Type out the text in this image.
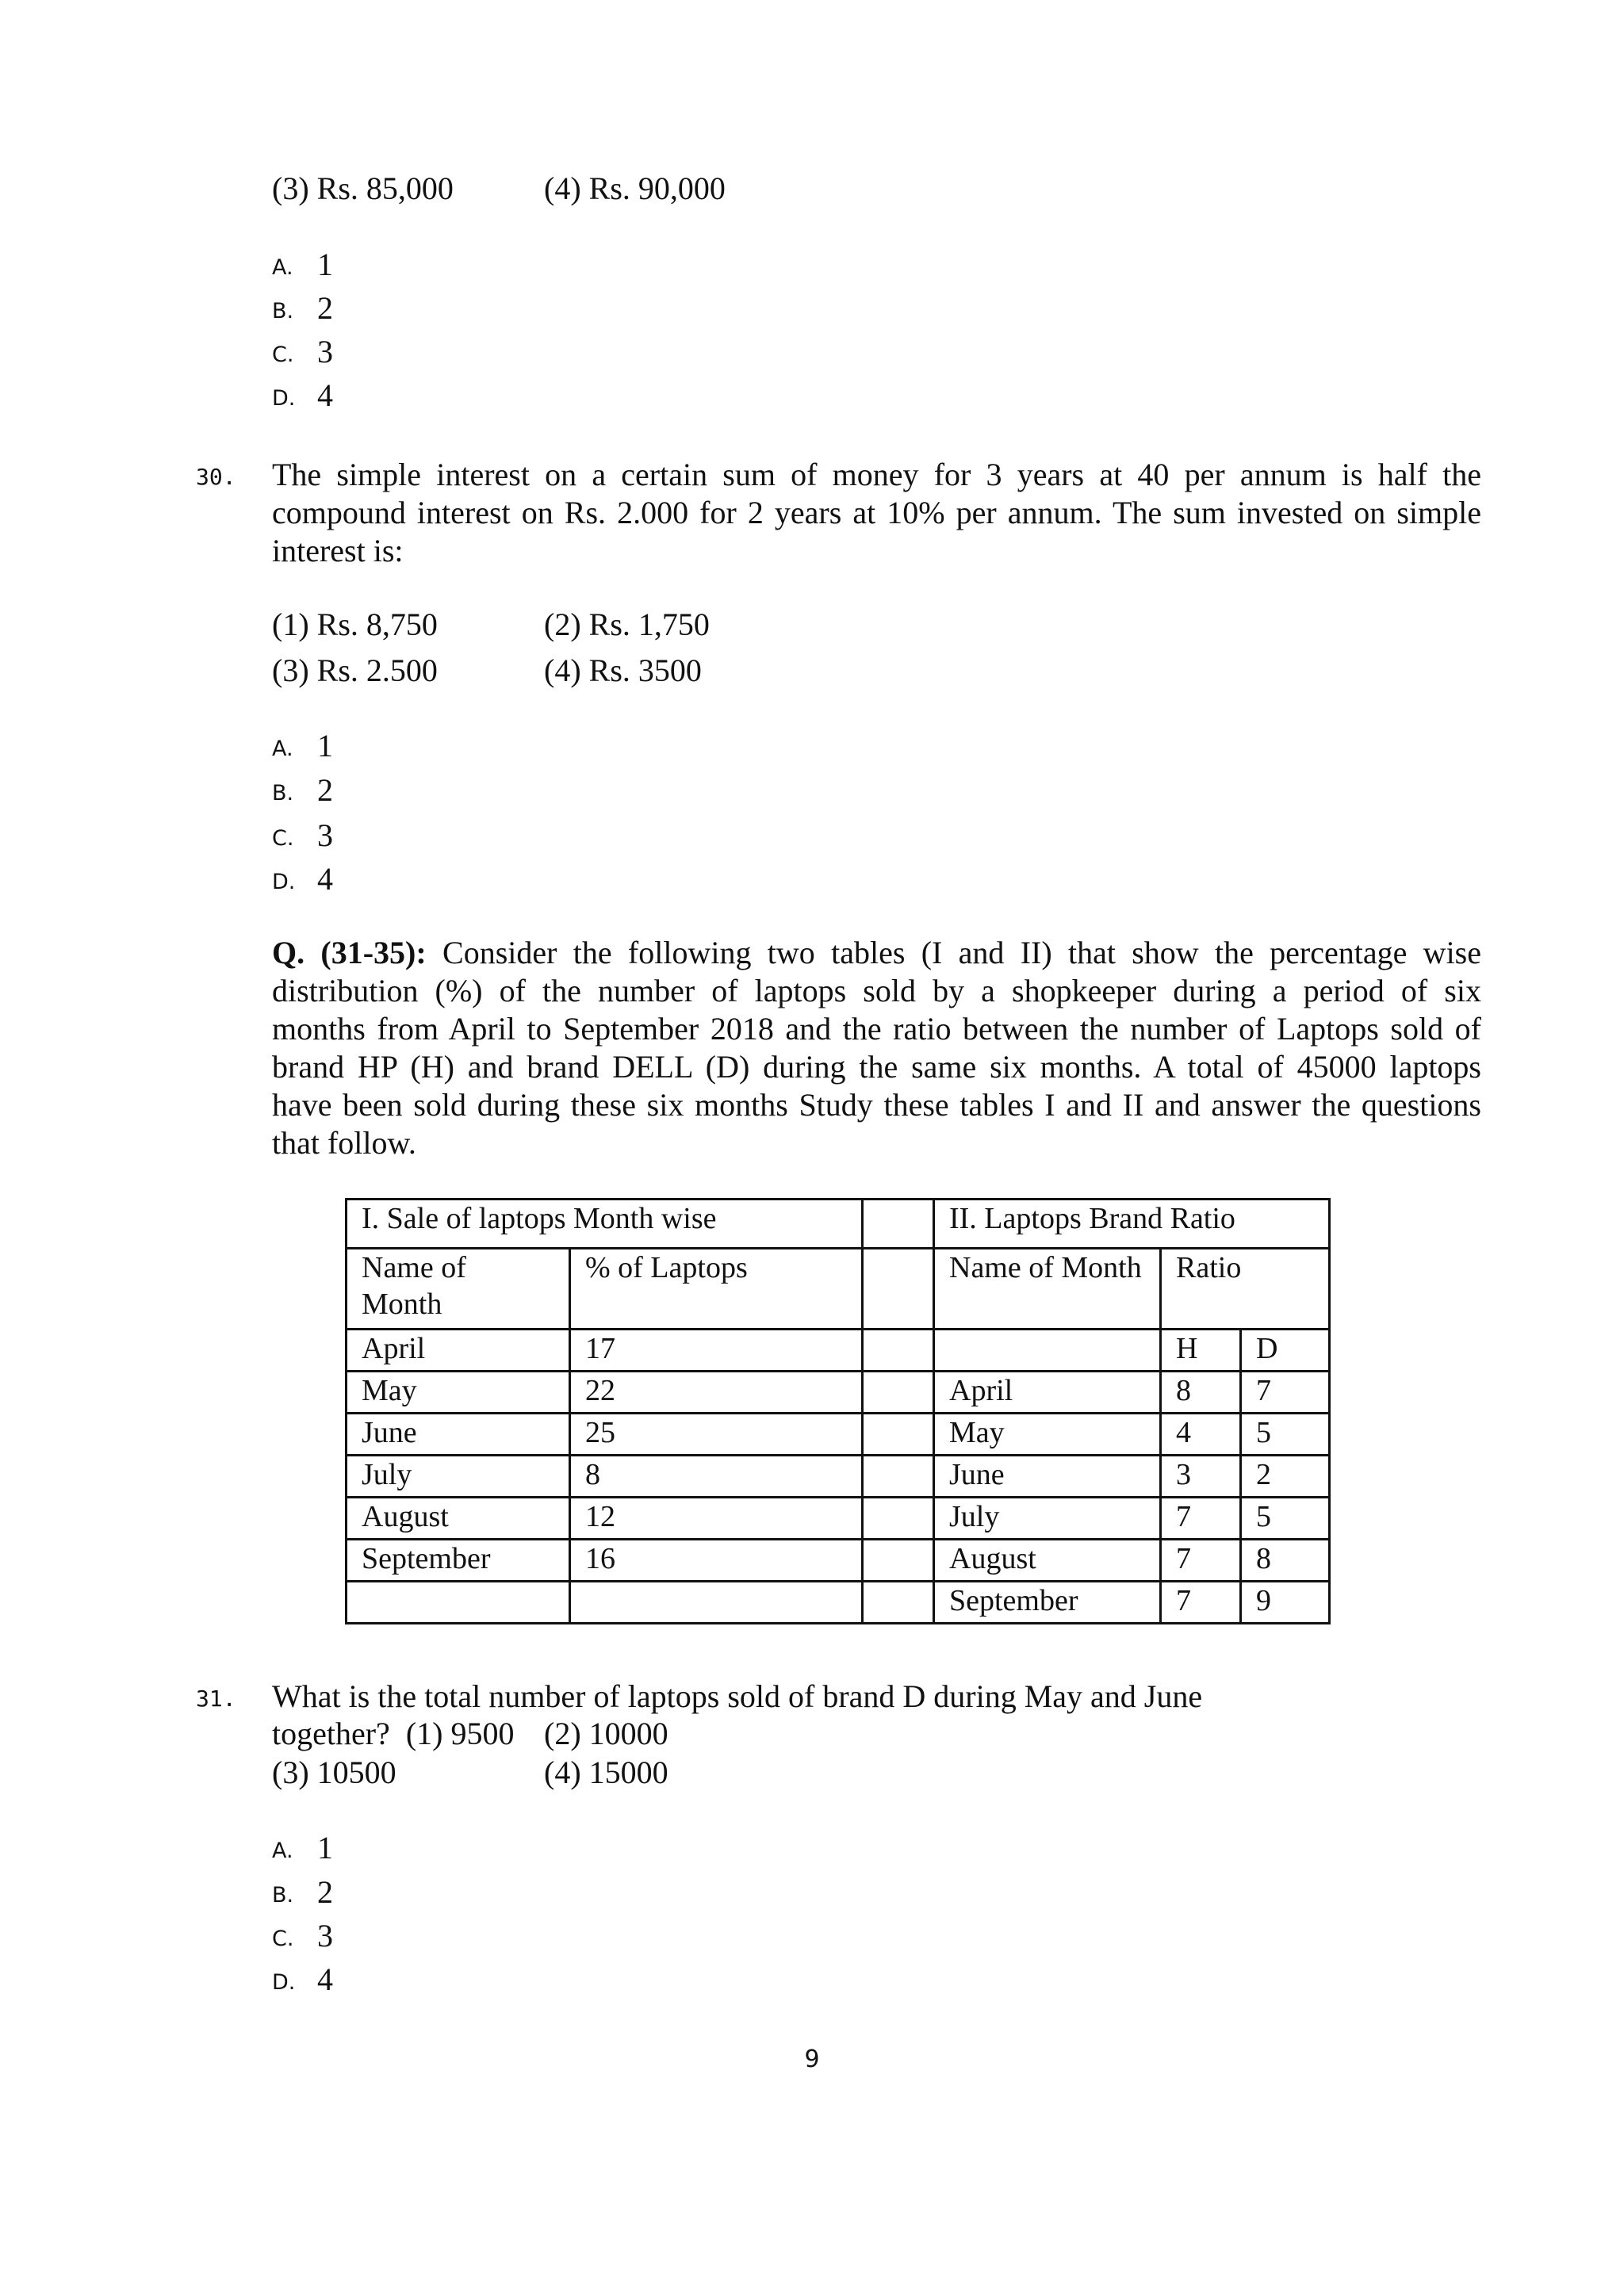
(3) Rs. 85,000	(4) Rs. 90,000
A. 1
B. 2
C. 3
D. 4
30. The simple interest on a certain sum of money for 3 years at 40 per annum is half the
compound interest on Rs. 2.000 for 2 years at 10% per annum. The sum invested on simple
interest is:
(1) Rs. 8,750	(2) Rs. 1,750
(3) Rs. 2.500	(4) Rs. 3500
A. 1
B. 2
C. 3
D. 4
Q. (31-35): Consider the following two tables (I and II) that show the percentage wise
distribution (%) of the number of laptops sold by a shopkeeper during a period of six
months from April to September 2018 and the ratio between the number of Laptops sold of
brand HP (H) and brand DELL (D) during the same six months. A total of 45000 laptops
have been sold during these six months Study these tables I and II and answer the questions
that follow.
I. Sale of laptops Month wise			II. Laptops Brand Ratio		

Name of Month	% of Laptops		Name of Month	Ratio	
April	17			H	D
May	22		April	8	7
June	25		May	4	5
July	8		June	3	2
August	12		July	7	5
September	16		August	7	8
			September	7	9
31. What is the total number of laptops sold of brand D during May and June
together? (1) 9500 (2) 10000
(3) 10500	(4) 15000
A. 1
B. 2
C. 3
D. 4
9
